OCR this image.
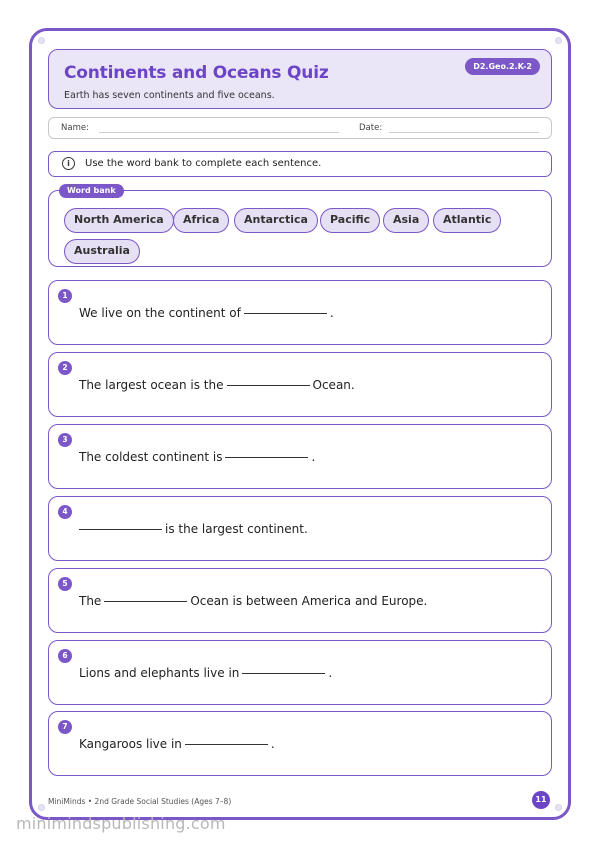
Continents and Oceans Quiz
Earth has seven continents and five oceans.
D2.Geo.2.K-2
Name:	Date:
i	Use the word bank to complete each sentence.
Word bank
North America	Africa	Antarctica	Pacific	Asia	Atlantic
Australia
1
We live on the continent of	.
2
The largest ocean is the	Ocean.
3
The coldest continent is	.
4
is the largest continent.
5
The	Ocean is between America and Europe.
6
Lions and elephants live in	.
7
Kangaroos live in	.
MiniMinds • 2nd Grade Social Studies (Ages 7–8)	11
minimindspublishing.com
